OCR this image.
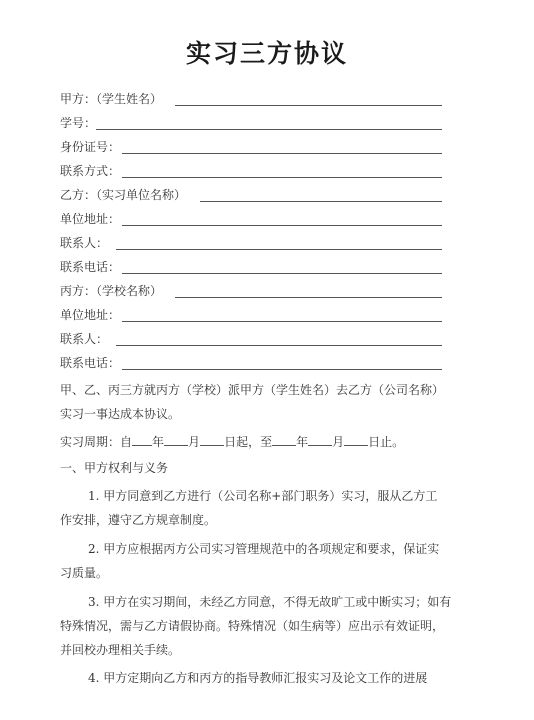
实习三方协议
甲方：（学生姓名）
学号：
身份证号：
联系方式：
乙方：（实习单位名称）
单位地址：
联系人：
联系电话：
丙方：（学校名称）
单位地址：
联系人：
联系电话：
甲、乙、丙三方就丙方（学校）派甲方（学生姓名）去乙方（公司名称）
实习一事达成本协议。
实习周期：自 年 月 日起，至 年 月 日止。
一、甲方权利与义务
1. 甲方同意到乙方进行（公司名称+部门职务）实习，服从乙方工
作安排，遵守乙方规章制度。
2. 甲方应根据丙方公司实习管理规范中的各项规定和要求，保证实
习质量。
3. 甲方在实习期间，未经乙方同意，不得无故旷工或中断实习；如有
特殊情况，需与乙方请假协商。特殊情况（如生病等）应出示有效证明，
并回校办理相关手续。
4. 甲方定期向乙方和丙方的指导教师汇报实习及论文工作的进展
